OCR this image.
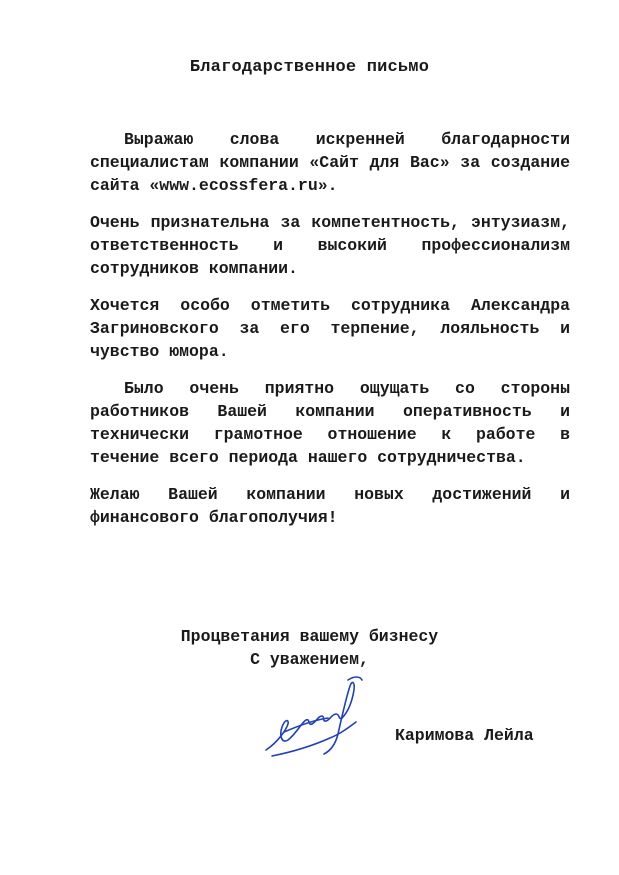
Благодарственное письмо

Выражаю слова искренней благодарности специалистам компании «Сайт для Вас» за создание сайта «www.ecossfera.ru».

Очень признательна за компетентность, энтузиазм, ответственность и высокий профессионализм сотрудников компании.

Хочется особо отметить сотрудника Александра Загриновского за его терпение, лояльность и чувство юмора.

Было очень приятно ощущать со стороны работников Вашей компании оперативность и технически грамотное отношение к работе в течение всего периода нашего сотрудничества.

Желаю Вашей компании новых достижений и финансового благополучия!

Процветания вашему бизнесу
С уважением,

Каримова Лейла
